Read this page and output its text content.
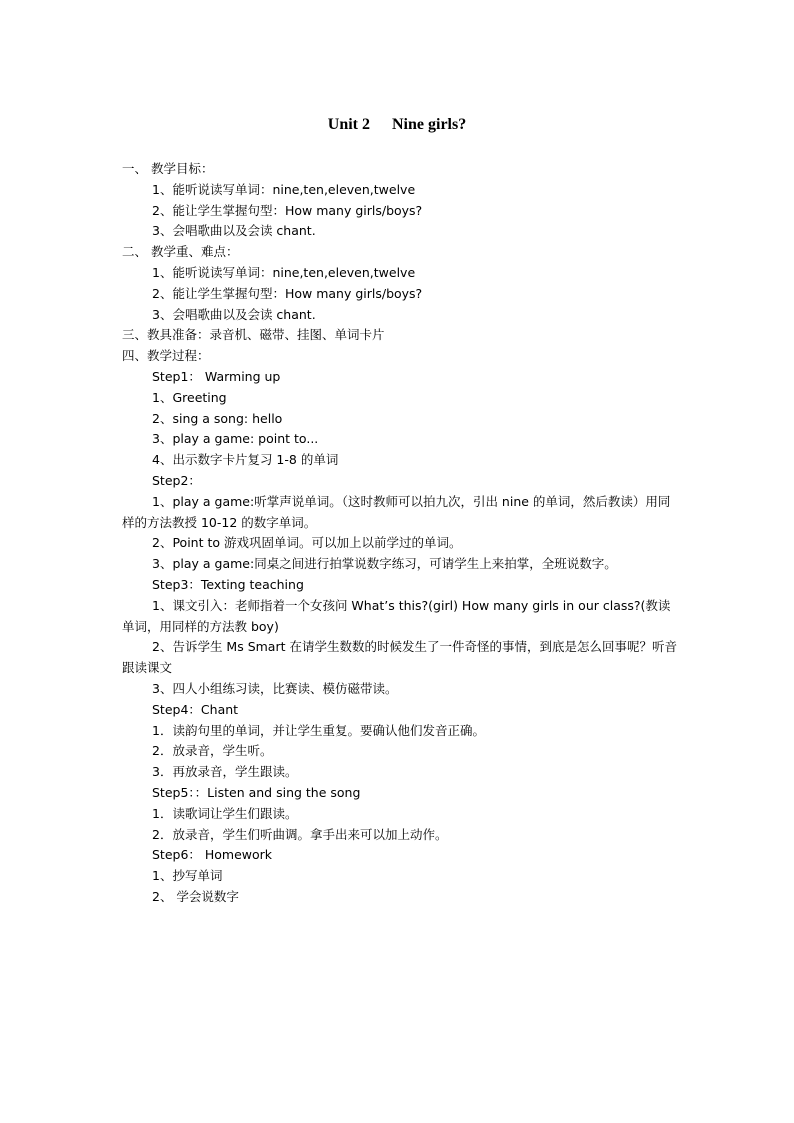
Unit 2 Nine girls?
一、 教学目标：
1、能听说读写单词：nine,ten,eleven,twelve
2、能让学生掌握句型：How many girls/boys?
3、会唱歌曲以及会读 chant.
二、 教学重、难点：
1、能听说读写单词：nine,ten,eleven,twelve
2、能让学生掌握句型：How many girls/boys?
3、会唱歌曲以及会读 chant.
三、教具准备：录音机、磁带、挂图、单词卡片
四、教学过程：
Step1： Warming up
1、Greeting
2、sing a song: hello
3、play a game: point to...
4、出示数字卡片复习 1-8 的单词
Step2：
1、play a game:听掌声说单词。（这时教师可以拍九次，引出 nine 的单词，然后教读）用同样的方法教授 10-12 的数字单词。
2、Point to 游戏巩固单词。可以加上以前学过的单词。
3、play a game:同桌之间进行拍掌说数字练习，可请学生上来拍掌，全班说数字。
Step3：Texting teaching
1、课文引入：老师指着一个女孩问 What’s this?(girl) How many girls in our class?(教读单词，用同样的方法教 boy)
2、告诉学生 Ms Smart 在请学生数数的时候发生了一件奇怪的事情，到底是怎么回事呢？听音跟读课文
3、四人小组练习读，比赛读、模仿磁带读。
Step4：Chant
1．读韵句里的单词，并让学生重复。要确认他们发音正确。
2．放录音，学生听。
3．再放录音，学生跟读。
Step5：：Listen and sing the song
1．读歌词让学生们跟读。
2．放录音，学生们听曲调。拿手出来可以加上动作。
Step6： Homework
1、抄写单词
2、 学会说数字
